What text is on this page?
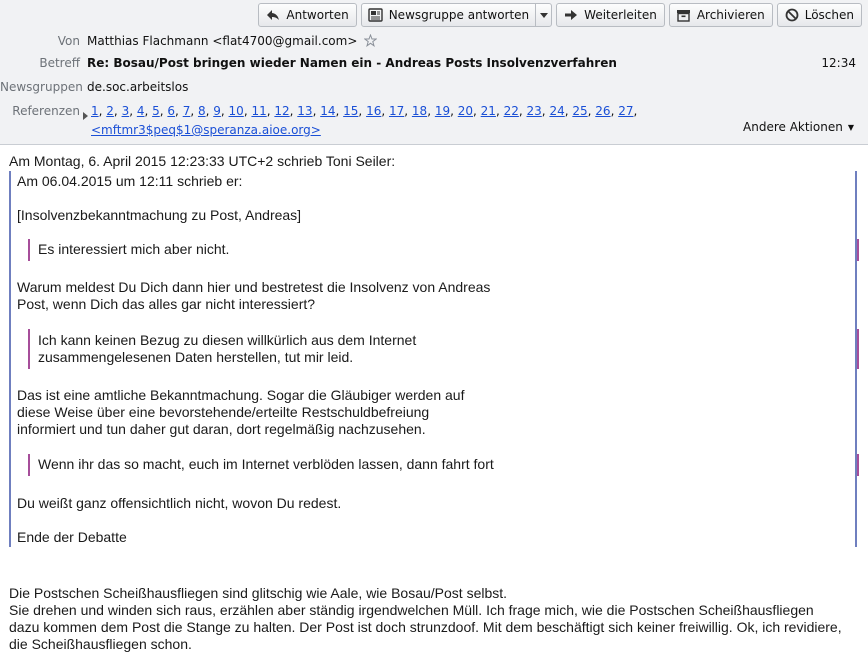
Antworten	Newsgruppe antworten	Weiterleiten	Archivieren	Löschen
Von Matthias Flachmann <flat4700@gmail.com>
Betreff Re: Bosau/Post bringen wieder Namen ein - Andreas Posts Insolvenzverfahren	12:34
Newsgruppen de.soc.arbeitslos
Referenzen 1, 2, 3, 4, 5, 6, 7, 8, 9, 10, 11, 12, 13, 14, 15, 16, 17, 18, 19, 20, 21, 22, 23, 24, 25, 26, 27,
<mftmr3$peq$1@speranza.aioe.org>	Andere Aktionen ▼
Am Montag, 6. April 2015 12:23:33 UTC+2 schrieb Toni Seiler:
Am 06.04.2015 um 12:11 schrieb er:
[Insolvenzbekanntmachung zu Post, Andreas]
Es interessiert mich aber nicht.
Warum meldest Du Dich dann hier und bestretest die Insolvenz von Andreas
Post, wenn Dich das alles gar nicht interessiert?
Ich kann keinen Bezug zu diesen willkürlich aus dem Internet
zusammengelesenen Daten herstellen, tut mir leid.
Das ist eine amtliche Bekanntmachung. Sogar die Gläubiger werden auf
diese Weise über eine bevorstehende/erteilte Restschuldbefreiung
informiert und tun daher gut daran, dort regelmäßig nachzusehen.
Wenn ihr das so macht, euch im Internet verblöden lassen, dann fahrt fort
Du weißt ganz offensichtlich nicht, wovon Du redest.
Ende der Debatte
Die Postschen Scheißhausfliegen sind glitschig wie Aale, wie Bosau/Post selbst.
Sie drehen und winden sich raus, erzählen aber ständig irgendwelchen Müll. Ich frage mich, wie die Postschen Scheißhausfliegen
dazu kommen dem Post die Stange zu halten. Der Post ist doch strunzdoof. Mit dem beschäftigt sich keiner freiwillig. Ok, ich revidiere,
die Scheißhausfliegen schon.
